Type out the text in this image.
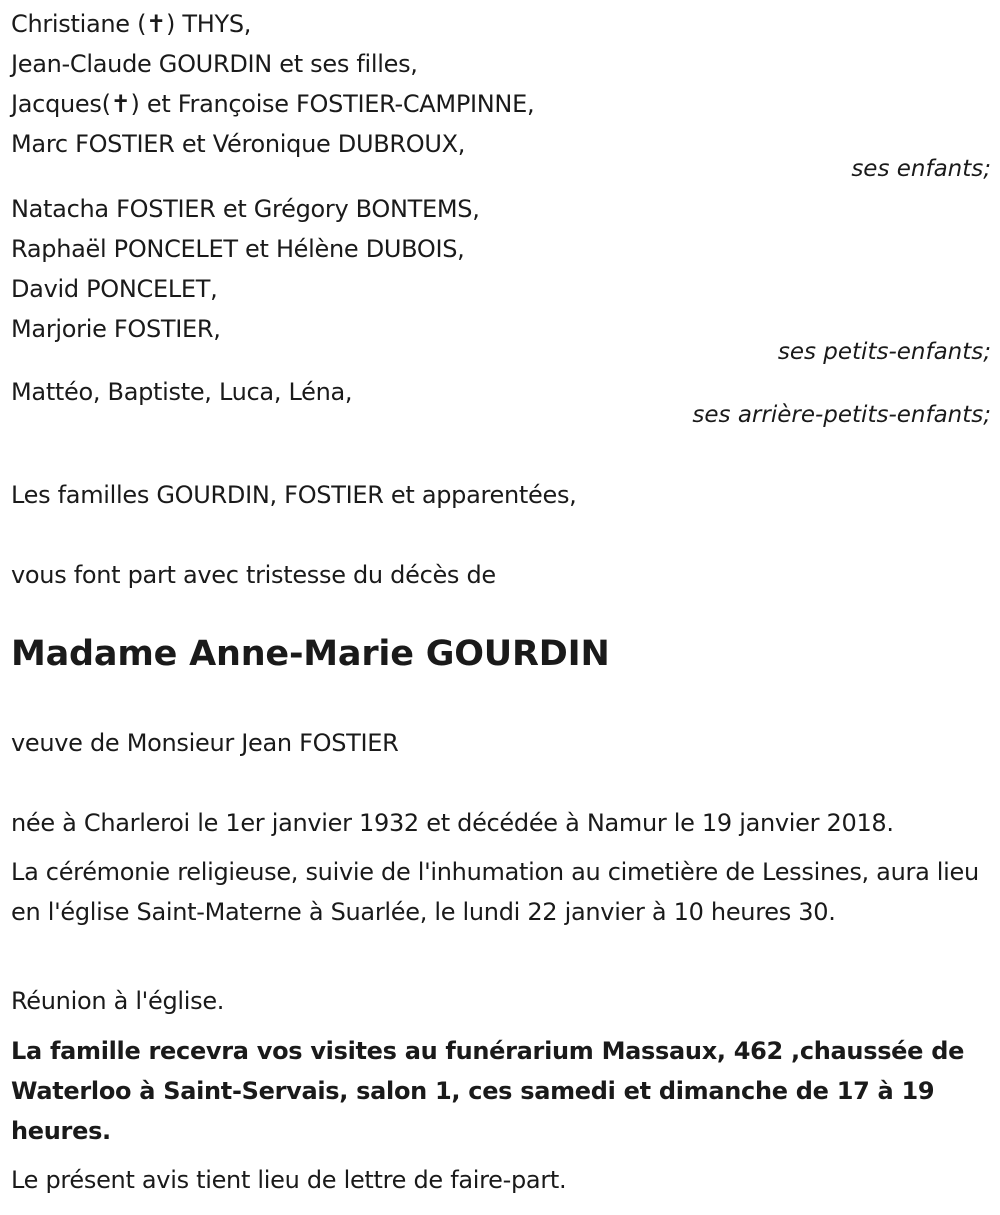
Christiane (✝) THYS,
Jean-Claude GOURDIN et ses filles,
Jacques(✝) et Françoise FOSTIER-CAMPINNE,
Marc FOSTIER et Véronique DUBROUX,
ses enfants;
Natacha FOSTIER et Grégory BONTEMS,
Raphaël PONCELET et Hélène DUBOIS,
David PONCELET,
Marjorie FOSTIER,
ses petits-enfants;
Mattéo, Baptiste, Luca, Léna,
ses arrière-petits-enfants;
Les familles GOURDIN, FOSTIER et apparentées,
vous font part avec tristesse du décès de
Madame Anne-Marie GOURDIN
veuve de Monsieur Jean FOSTIER
née à Charleroi le 1er janvier 1932 et décédée à Namur le 19 janvier 2018.
La cérémonie religieuse, suivie de l'inhumation au cimetière de Lessines, aura lieu en l'église Saint-Materne à Suarlée, le lundi 22 janvier à 10 heures 30.
Réunion à l'église.
La famille recevra vos visites au funérarium Massaux, 462 ,chaussée de Waterloo à Saint-Servais, salon 1, ces samedi et dimanche de 17 à 19 heures.
Le présent avis tient lieu de lettre de faire-part.
